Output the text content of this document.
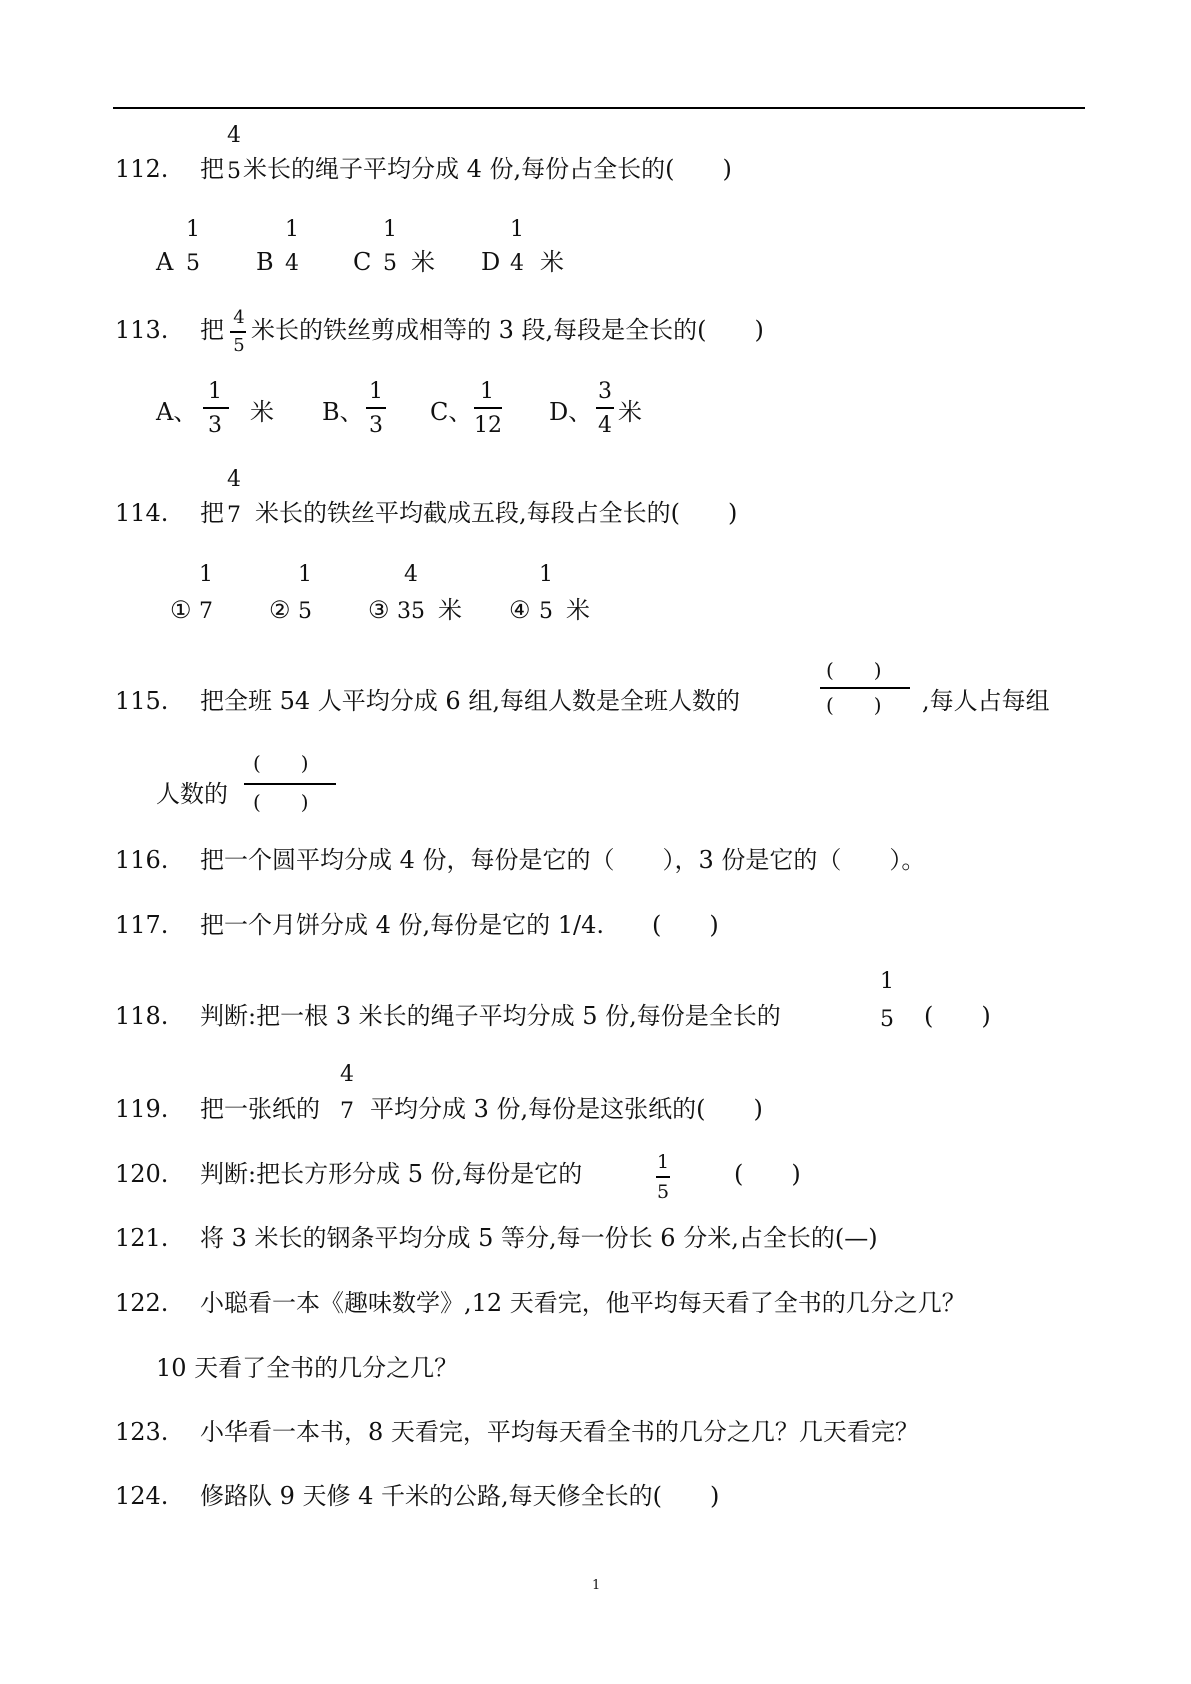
112. 把
4
5 米长的绳子平均分成 4 份,每份占全长的(　　)
A
1
5	B
1
4	C
1
5 米 D
1
4 米
113. 把 4
5
米长的铁丝剪成相等的 3 段,每段是全长的(　　)
A、
1
3	米 B、
1
3	C、
1
12 D、
3
4 米
114. 把
4
7 米长的铁丝平均截成五段,每段占全长的(　　)
①
1
7	②
1
5	③
4
35 米 ④
1
5 米
115. 把全班 54 人平均分成 6 组,每组人数是全班人数的
(　　)
(　　) ,每人占每组
人数的
(　　)
(　　)
116. 把一个圆平均分成 4 份，每份是它的（　　），3 份是它的（　　）。
117. 把一个月饼分成 4 份,每份是它的 1/4.　　(　　)
118. 判断:把一根 3 米长的绳子平均分成 5 份,每份是全长的
1
5	(　　)
119. 把一张纸的
4
7 平均分成 3 份,每份是这张纸的(　　)
120. 判断:把长方形分成 5 份,每份是它的	1
5
(　　)
121. 将 3 米长的钢条平均分成 5 等分,每一份长 6 分米,占全长的(—)
122. 小聪看一本《趣味数学》,12 天看完，他平均每天看了全书的几分之几？
10 天看了全书的几分之几？
123. 小华看一本书，8 天看完，平均每天看全书的几分之几？几天看完？
124. 修路队 9 天修 4 千米的公路,每天修全长的(　　)
1
